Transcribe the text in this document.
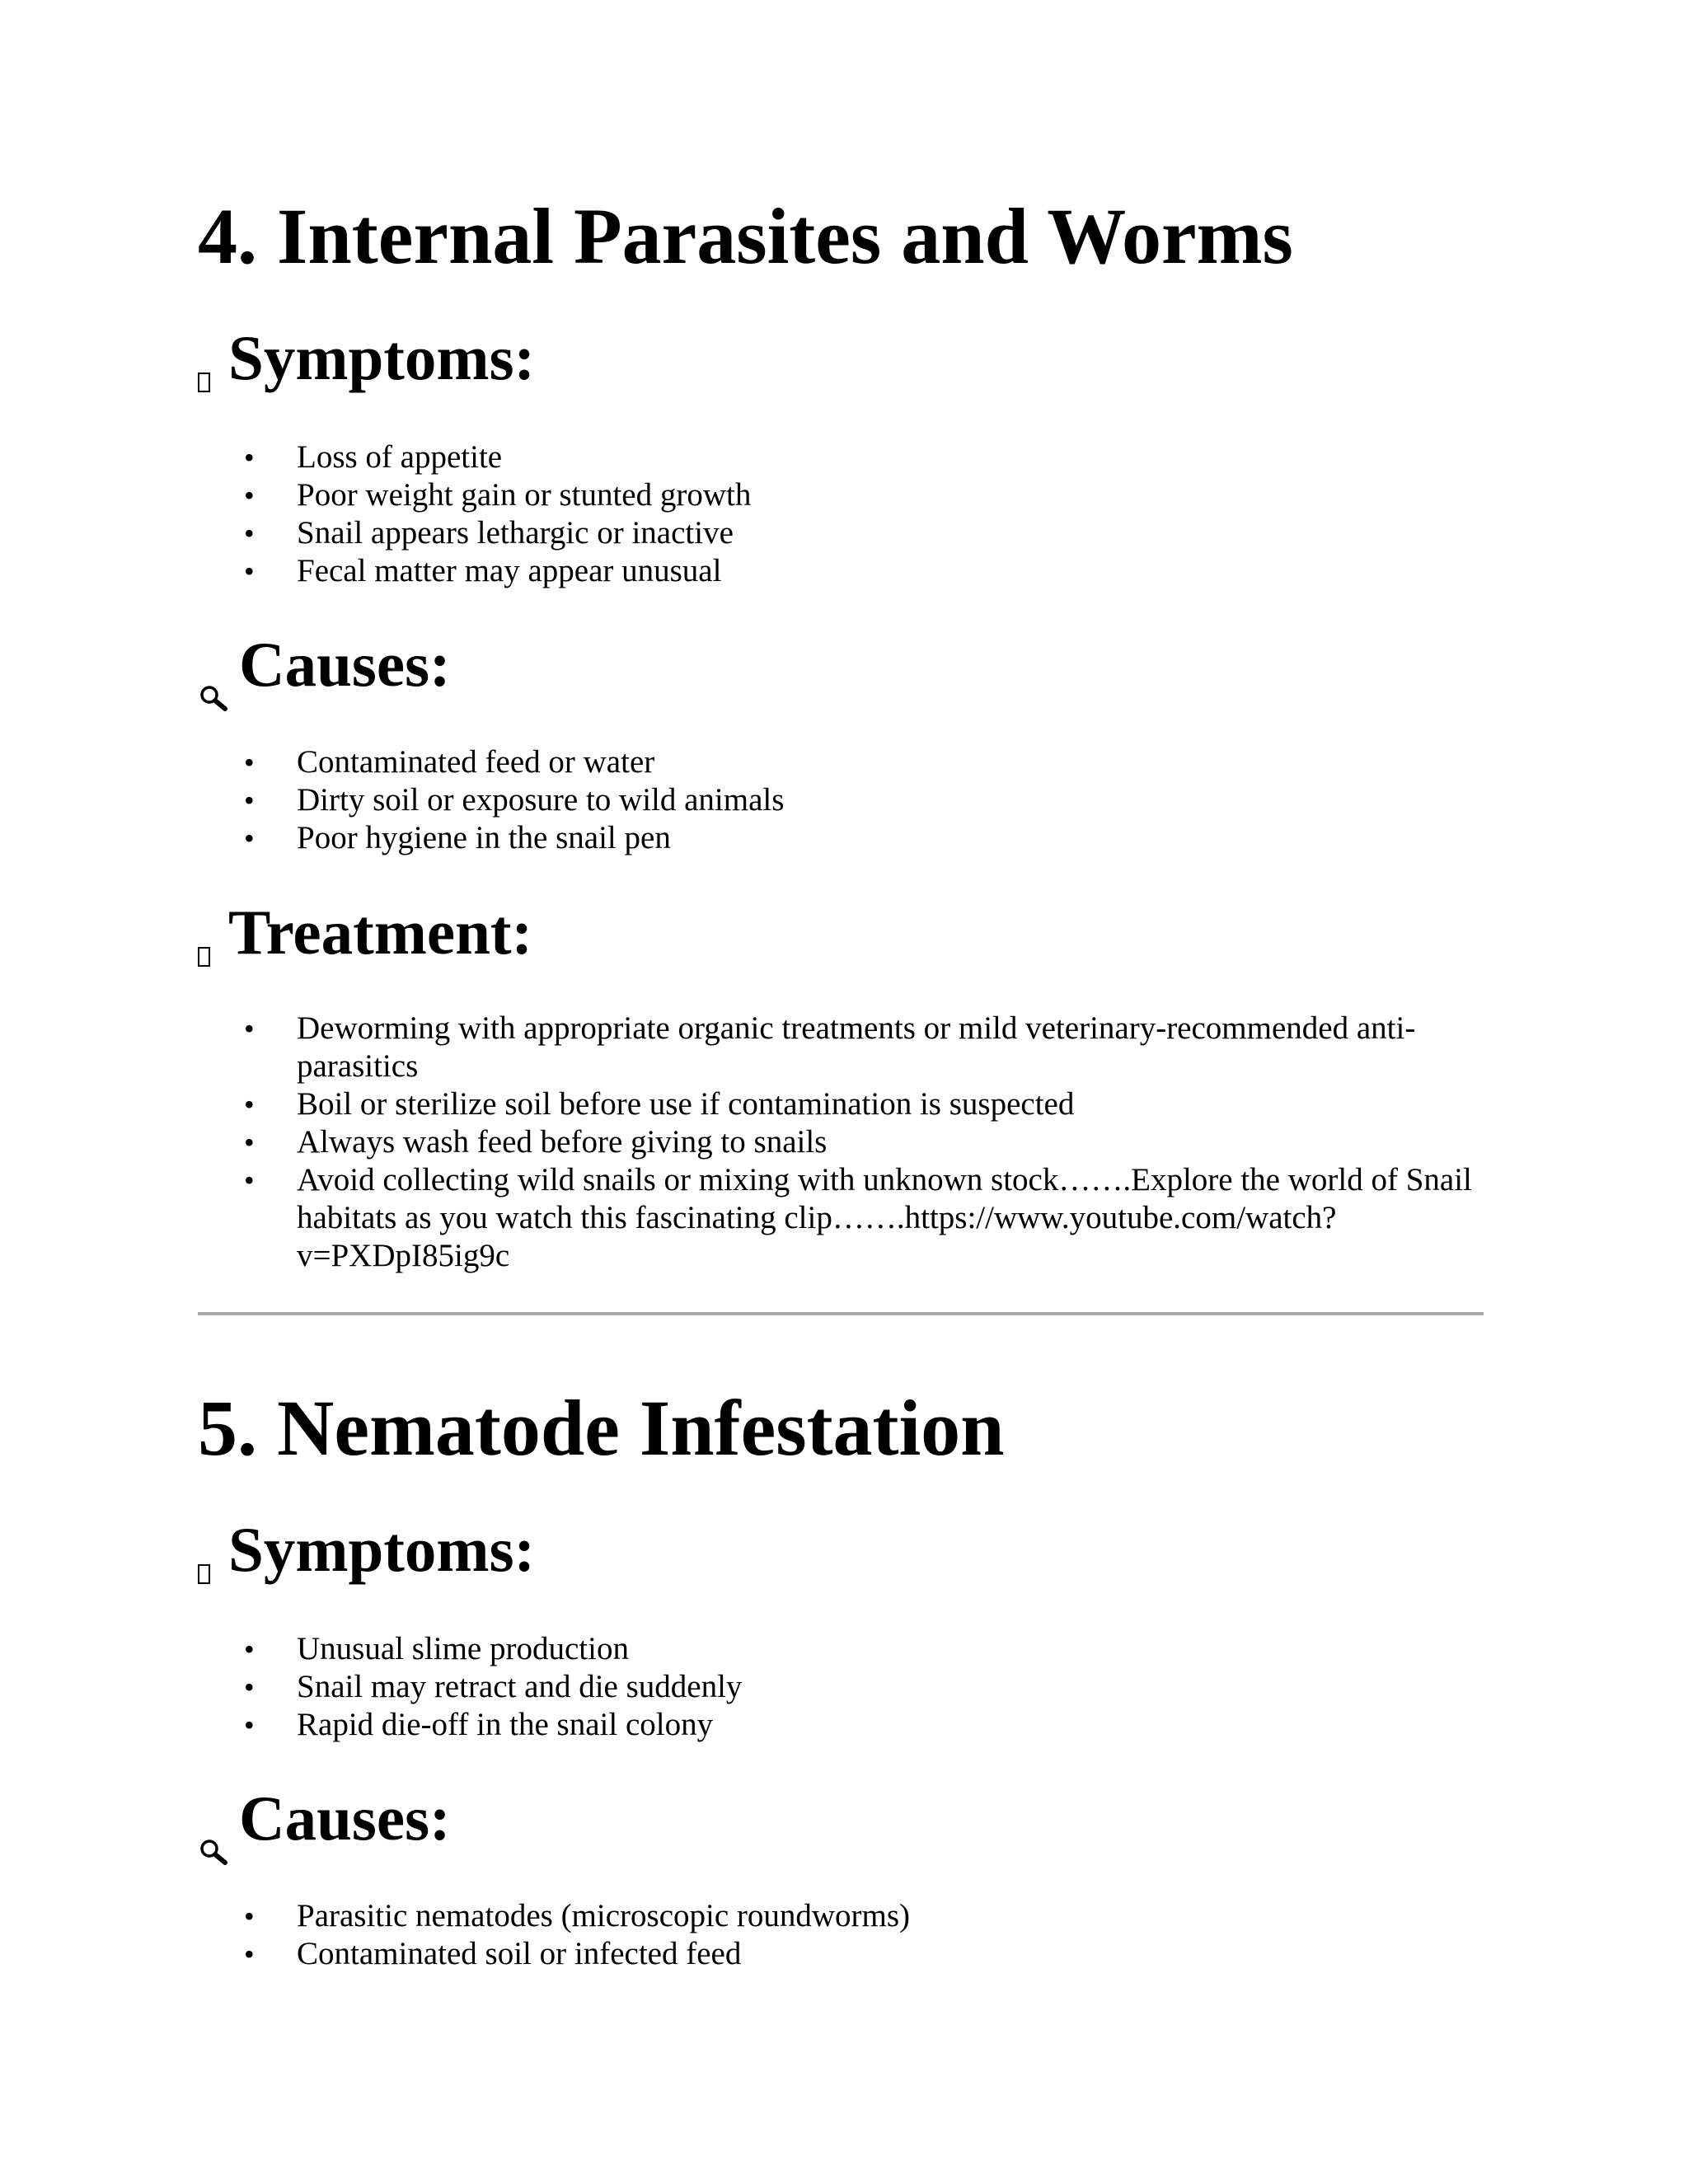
4. Internal Parasites and Worms
Symptoms:
• Loss of appetite
• Poor weight gain or stunted growth
• Snail appears lethargic or inactive
• Fecal matter may appear unusual
Causes:
• Contaminated feed or water
• Dirty soil or exposure to wild animals
• Poor hygiene in the snail pen
Treatment:
• Deworming with appropriate organic treatments or mild veterinary-recommended anti-parasitics
• Boil or sterilize soil before use if contamination is suspected
• Always wash feed before giving to snails
• Avoid collecting wild snails or mixing with unknown stock…….Explore the world of Snail habitats as you watch this fascinating clip…….https://www.youtube.com/watch?v=PXDpI85ig9c
5. Nematode Infestation
Symptoms:
• Unusual slime production
• Snail may retract and die suddenly
• Rapid die-off in the snail colony
Causes:
• Parasitic nematodes (microscopic roundworms)
• Contaminated soil or infected feed
